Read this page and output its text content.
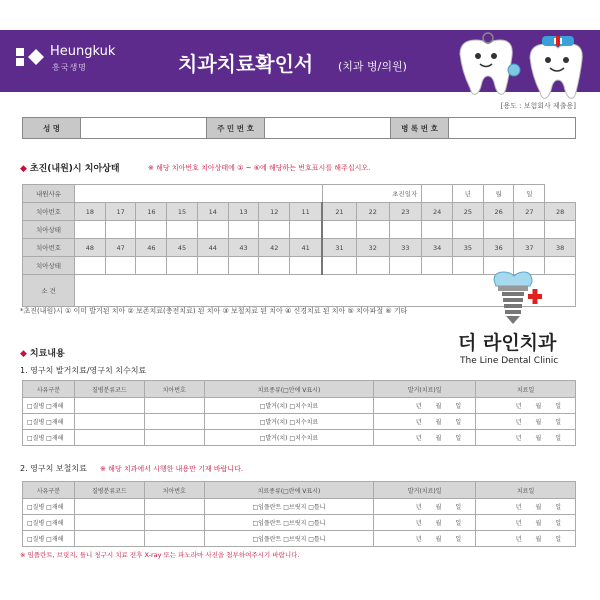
Heungkuk
흥국생명	치과치료확인서 (치과 병/의원)
[용도 : 보험회사 제출용]
성 명		주 민 번 호		병 록 번 호	
◆ 초진(내원)시 치아상태	※ 해당 치아번호 치아상태에 ① ~ ⑥에 해당하는 번호표시를 해주십시오.
내원사유									초진일자				년	월	일	
치아번호	18	17	16	15	14	13	12	11	21	22	23	24	25	26	27	28
치아상태																
치아번호	48	47	46	45	44	43	42	41	31	32	33	34	35	36	37	38
치아상태																
소 견																
*초진(내원)시 ① 이미 발거된 치아 ② 보존치료(충전치료) 된 치아 ③ 보철치료 된 치아 ④ 신경치료 된 치아 ⑤ 치아파절 ⑥ 기타
더 라인치과
The Line Dental Clinic
◆ 치료내용
1. 영구치 발거치료/영구치 치수치료
사유구분	질병분류코드	치아번호	치료종류(□안에 V표시)	발거(치료)일	치료일
□질병 □재해			□발거(치) □치수치료	년 월 일	년 월 일
□질병 □재해			□발거(치) □치수치료	년 월 일	년 월 일
□질병 □재해			□발거(치) □치수치료	년 월 일	년 월 일
2. 영구치 보철치료 ※ 해당 치과에서 시행한 내용만 기재 바랍니다.
사유구분	질병분류코드	치아번호	치료종류(□란에 V표시)	발거(치료)일	치료일
□질병 □재해			□임플란트 □브릿지 □틀니	년 월 일	년 월 일
□질병 □재해			□임플란트 □브릿지 □틀니	년 월 일	년 월 일
□질병 □재해			□임플란트 □브릿지 □틀니	년 월 일	년 월 일
※ 임플란트, 브릿지, 틀니 청구시 치료 전후 X-ray 또는 파노라마 사진을 첨부하여주시기 바랍니다.
